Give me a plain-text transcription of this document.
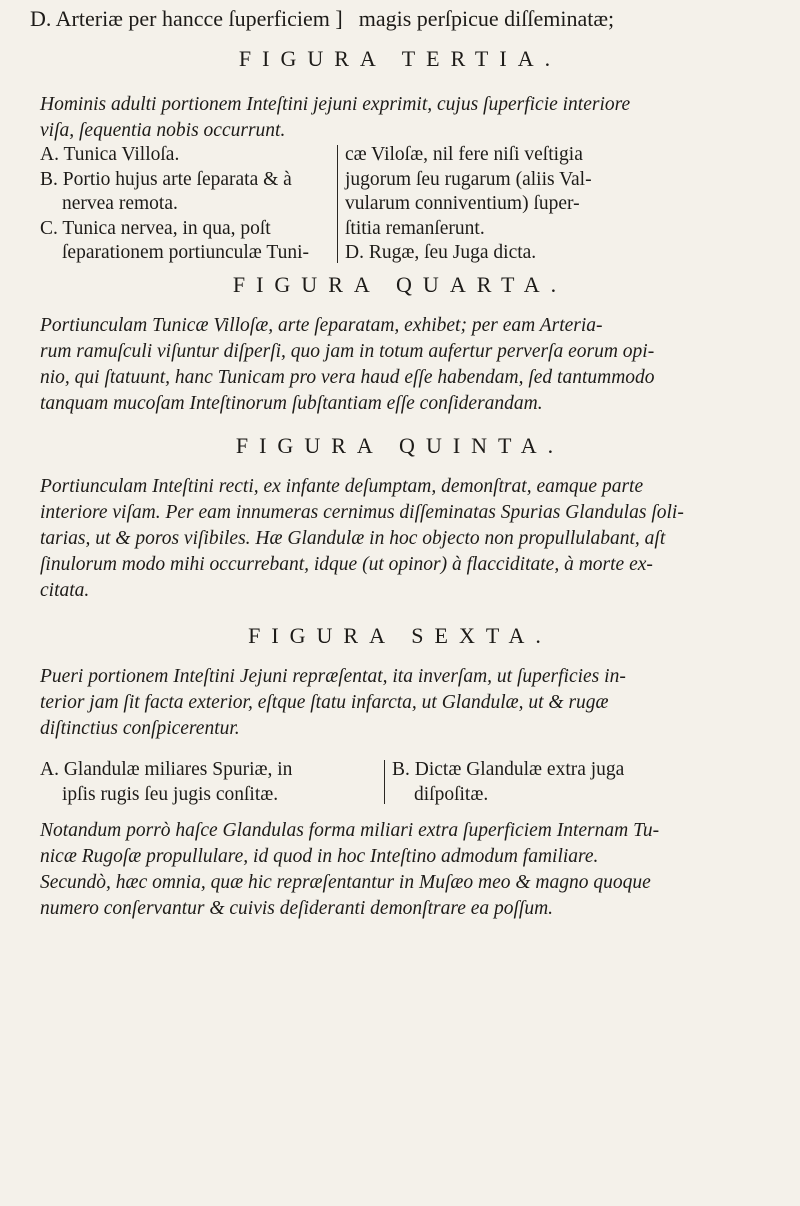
D. Arteriæ per hancce ſuperficiem ] magis perſpicue diſſeminatæ;
FIGURA TERTIA.
Hominis adulti portionem Inteſtini jejuni exprimit, cujus ſuperficie interiore
viſa, ſequentia nobis occurrunt.
A. Tunica Villoſa.
B. Portio hujus arte ſeparata & à
nervea remota.
C. Tunica nervea, in qua, poſt
ſeparationem portiunculæ Tuni-
cæ Viloſæ, nil fere niſi veſtigia
jugorum ſeu rugarum (aliis Val-
vularum conniventium) ſuper-
ſtitia remanſerunt.
D. Rugæ, ſeu Juga dicta.
FIGURA QUARTA.
Portiunculam Tunicæ Villoſæ, arte ſeparatam, exhibet; per eam Arteria-
rum ramuſculi viſuntur diſperſi, quo jam in totum aufertur perverſa eorum opi-
nio, qui ſtatuunt, hanc Tunicam pro vera haud eſſe habendam, ſed tantummodo
tanquam mucoſam Inteſtinorum ſubſtantiam eſſe conſiderandam.
FIGURA QUINTA.
Portiunculam Inteſtini recti, ex infante deſumptam, demonſtrat, eamque parte
interiore viſam. Per eam innumeras cernimus diſſeminatas Spurias Glandulas ſoli-
tarias, ut & poros viſibiles. Hæ Glandulæ in hoc objecto non propullulabant, aſt
ſinulorum modo mihi occurrebant, idque (ut opinor) à flacciditate, à morte ex-
citata.
FIGURA SEXTA.
Pueri portionem Inteſtini Jejuni repræſentat, ita inverſam, ut ſuperficies in-
terior jam ſit facta exterior, eſtque ſtatu infarcta, ut Glandulæ, ut & rugæ
diſtinctius conſpicerentur.
A. Glandulæ miliares Spuriæ, in
ipſis rugis ſeu jugis conſitæ.
B. Dictæ Glandulæ extra juga
diſpoſitæ.
Notandum porrò haſce Glandulas forma miliari extra ſuperficiem Internam Tu-
nicæ Rugoſæ propullulare, id quod in hoc Inteſtino admodum familiare.
Secundò, hæc omnia, quæ hic repræſentantur in Muſæo meo & magno quoque
numero conſervantur & cuivis deſideranti demonſtrare ea poſſum.
